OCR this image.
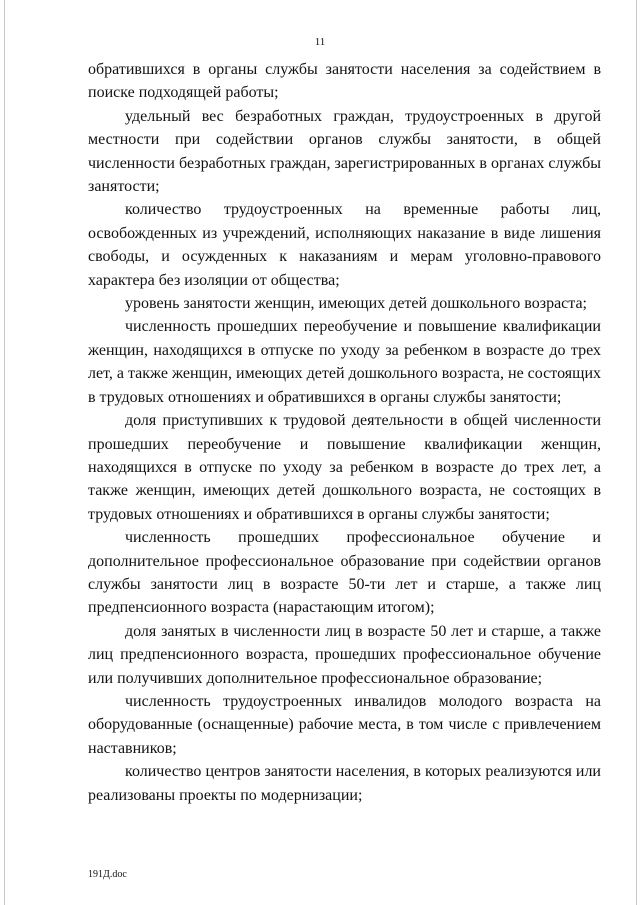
11

обратившихся в органы службы занятости населения за содействием в поиске подходящей работы;

удельный вес безработных граждан, трудоустроенных в другой местности при содействии органов службы занятости, в общей численности безработных граждан, зарегистрированных в органах службы занятости;

количество трудоустроенных на временные работы лиц, освобожденных из учреждений, исполняющих наказание в виде лишения свободы, и осужденных к наказаниям и мерам уголовно-правового характера без изоляции от общества;

уровень занятости женщин, имеющих детей дошкольного возраста;

численность прошедших переобучение и повышение квалификации женщин, находящихся в отпуске по уходу за ребенком в возрасте до трех лет, а также женщин, имеющих детей дошкольного возраста, не состоящих в трудовых отношениях и обратившихся в органы службы занятости;

доля приступивших к трудовой деятельности в общей численности прошедших переобучение и повышение квалификации женщин, находящихся в отпуске по уходу за ребенком в возрасте до трех лет, а также женщин, имеющих детей дошкольного возраста, не состоящих в трудовых отношениях и обратившихся в органы службы занятости;

численность прошедших профессиональное обучение и дополнительное профессиональное образование при содействии органов службы занятости лиц в возрасте 50-ти лет и старше, а также лиц предпенсионного возраста (нарастающим итогом);

доля занятых в численности лиц в возрасте 50 лет и старше, а также лиц предпенсионного возраста, прошедших профессиональное обучение или получивших дополнительное профессиональное образование;

численность трудоустроенных инвалидов молодого возраста на оборудованные (оснащенные) рабочие места, в том числе с привлечением наставников;

количество центров занятости населения, в которых реализуются или реализованы проекты по модернизации;

191Д.doc
